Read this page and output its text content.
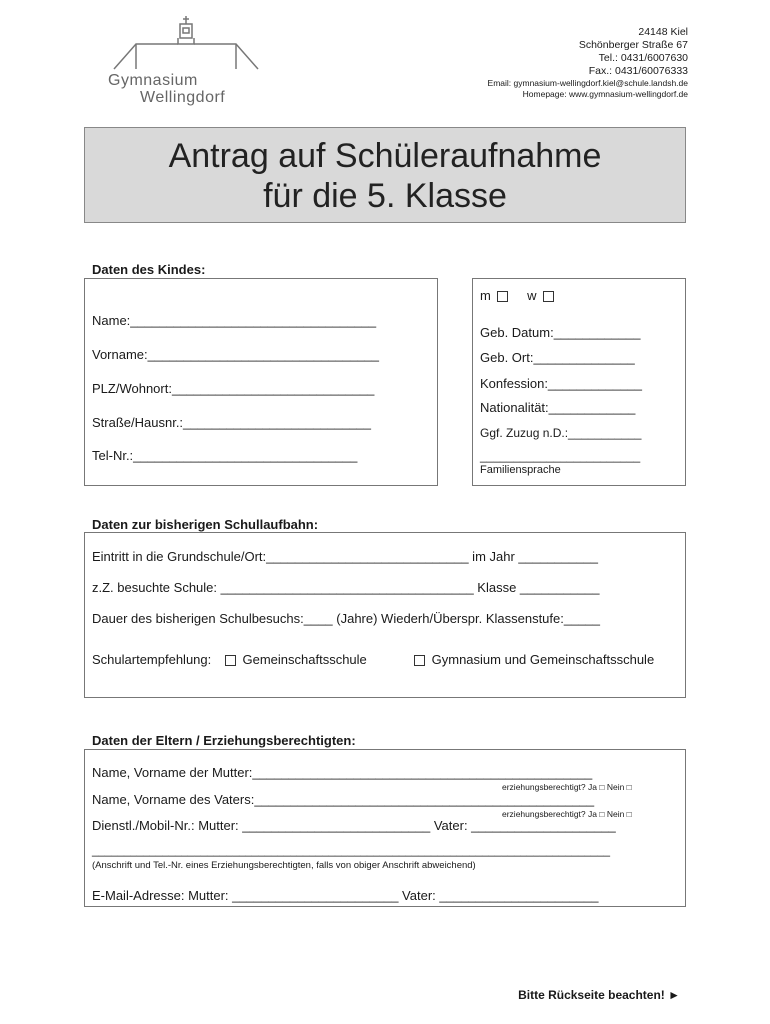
Gymnasium
Wellingdorf
24148 Kiel
Schönberger Straße 67
Tel.: 0431/6007630
Fax.: 0431/60076333
Email: gymnasium-wellingdorf.kiel@schule.landsh.de
Homepage: www.gymnasium-wellingdorf.de
Antrag auf Schüleraufnahme
für die 5. Klasse
Daten des Kindes:
Name:__________________________________
Vorname:________________________________
PLZ/Wohnort:____________________________
Straße/Hausnr.:__________________________
Tel-Nr.:_______________________________
m	w
Geb. Datum:____________
Geb. Ort:______________
Konfession:_____________
Nationalität:____________
Ggf. Zuzug n.D.:___________
________________________
Familiensprache
Daten zur bisherigen Schullaufbahn:
Eintritt in die Grundschule/Ort:____________________________ im Jahr ___________
z.Z. besuchte Schule: ___________________________________ Klasse ___________
Dauer des bisherigen Schulbesuchs:____ (Jahre) Wiederh/Überspr. Klassenstufe:_____
Schulartempfehlung: Gemeinschaftsschule	Gymnasium und Gemeinschaftsschule
Daten der Eltern / Erziehungsberechtigten:
Name, Vorname der Mutter:_______________________________________________
erziehungsberechtigt? Ja □ Nein □
Name, Vorname des Vaters:_______________________________________________
erziehungsberechtigt? Ja □ Nein □
Dienstl./Mobil-Nr.: Mutter: __________________________ Vater: ____________________
_________________________________________________________________________________
(Anschrift und Tel.-Nr. eines Erziehungsberechtigten, falls von obiger Anschrift abweichend)
E-Mail-Adresse: Mutter: _______________________ Vater: ______________________
Bitte Rückseite beachten! ►
